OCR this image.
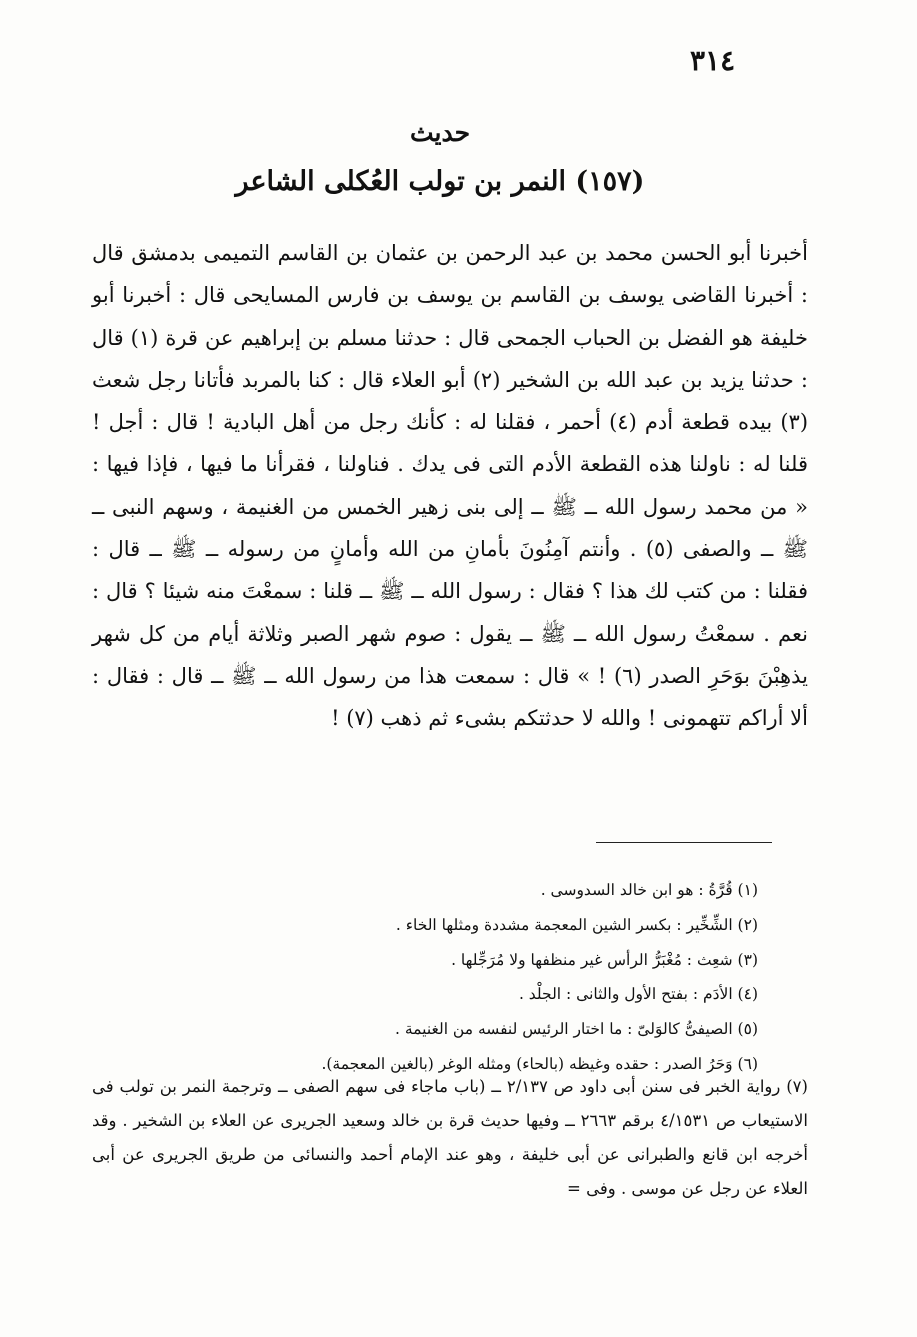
٣١٤
حديث
(١٥٧) النمر بن تولب العُكلى الشاعر

أخبرنا أبو الحسن محمد بن عبد الرحمن بن عثمان بن القاسم التميمى بدمشق قال : أخبرنا القاضى يوسف بن القاسم بن يوسف بن فارس المسايحى قال : أخبرنا أبو خليفة هو الفضل بن الحباب الجمحى قال : حدثنا مسلم بن إبراهيم عن قرة (١) قال : حدثنا يزيد بن عبد الله بن الشخير (٢) أبو العلاء قال : كنا بالمربد فأتانا رجل شعث (٣) بيده قطعة أدم (٤) أحمر ، فقلنا له : كأنك رجل من أهل البادية ! قال : أجل ! قلنا له : ناولنا هذه القطعة الأدم التى فى يدك . فناولنا ، فقرأنا ما فيها ، فإذا فيها : « من محمد رسول الله ــ ﷺ ــ إلى بنى زهير الخمس من الغنيمة ، وسهم النبى ــ ﷺ ــ والصفى (٥) . وأنتم آمِنُونَ بأمانِ من الله وأمانٍ من رسوله ــ ﷺ ــ قال : فقلنا : من كتب لك هذا ؟ فقال : رسول الله ــ ﷺ ــ قلنا : سمعْتَ منه شيئا ؟ قال : نعم . سمعْتُ رسول الله ــ ﷺ ــ يقول : صوم شهر الصبر وثلاثة أيام من كل شهر يذهِبْنَ بوَحَرِ الصدر (٦) ! » قال : سمعت هذا من رسول الله ــ ﷺ ــ قال : فقال : ألا أراكم تتهمونى ! والله لا حدثتكم بشىء ثم ذهب (٧) !

(١) قُرَّةُ : هو ابن خالد السدوسى .
(٢) الشِّخِّير : بكسر الشين المعجمة مشددة ومثلها الخاء .
(٣) شعِث : مُغْبَرُّ الرأس غير منظفها ولا مُرَجِّلها .
(٤) الأدَم : بفتح الأول والثانى : الجلْد .
(٥) الصيفىُّ كالوَلىّ : ما اختار الرئيس لنفسه من الغنيمة .
(٦) وَحَرُ الصدر : حقده وغيظه (بالحاء) ومثله الوغر (بالغين المعجمة).
(٧) رواية الخبر فى سنن أبى داود ص ٢/١٣٧ ــ (باب ماجاء فى سهم الصفى ــ وترجمة النمر بن تولب فى الاستيعاب ص ٤/١٥٣١ برقم ٢٦٦٣ ــ وفيها حديث قرة بن خالد وسعيد الجريرى عن العلاء بن الشخير . وقد أخرجه ابن قانع والطبرانى عن أبى خليفة ، وهو عند الإمام أحمد والنسائى من طريق الجريرى عن أبى العلاء عن رجل عن موسى . وفى =
